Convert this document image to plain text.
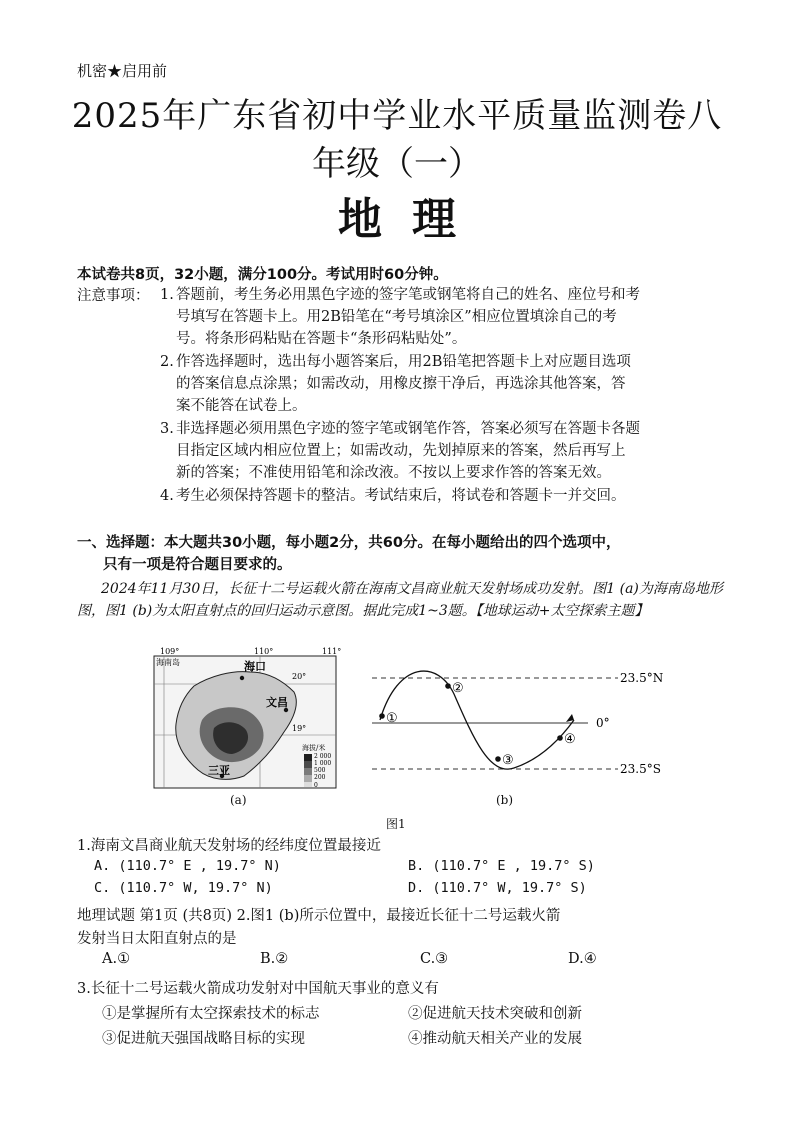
机密★启用前
2025年广东省初中学业水平质量监测卷八
年级（一）
地理
本试卷共8页，32小题，满分100分。考试用时60分钟。
注意事项： 1. 答题前，考生务必用黑色字迹的签字笔或钢笔将自己的姓名、座位号和考
号填写在答题卡上。用2B铅笔在“考号填涂区”相应位置填涂自己的考
号。将条形码粘贴在答题卡“条形码粘贴处”。
2. 作答选择题时，选出每小题答案后，用2B铅笔把答题卡上对应题目选项
的答案信息点涂黑；如需改动，用橡皮擦干净后，再选涂其他答案，答
案不能答在试卷上。
3. 非选择题必须用黑色字迹的签字笔或钢笔作答，答案必须写在答题卡各题
目指定区域内相应位置上；如需改动，先划掉原来的答案，然后再写上
新的答案；不准使用铅笔和涂改液。不按以上要求作答的答案无效。
4. 考生必须保持答题卡的整洁。考试结束后，将试卷和答题卡一并交回。
一、选择题：本大题共30小题，每小题2分，共60分。在每小题给出的四个选项中，
只有一项是符合题目要求的。
2024年11月30日，长征十二号运载火箭在海南文昌商业航天发射场成功发射。图1 (a)为海南岛地形图，图1 (b)为太阳直射点的回归运动示意图。据此完成1~3题。【地球运动+太空探索主题】
109°	110°	111°
20°
19°
海南岛	海口
文昌
三亚
海拔/米
2 000
1 000
500
200
0
(a)
23.5°N
0°
23.5°S
①
②
③
④
(b)
图1
1.海南文昌商业航天发射场的经纬度位置最接近
A. (110.7° E , 19.7° N)	B. (110.7° E , 19.7° S)
C. (110.7° W, 19.7° N)	D. (110.7° W, 19.7° S)
地理试题 第1页 (共8页) 2.图1 (b)所示位置中，最接近长征十二号运载火箭
发射当日太阳直射点的是
A.①	B.②	C.③	D.④
3.长征十二号运载火箭成功发射对中国航天事业的意义有
①是掌握所有太空探索技术的标志	②促进航天技术突破和创新
③促进航天强国战略目标的实现	④推动航天相关产业的发展
